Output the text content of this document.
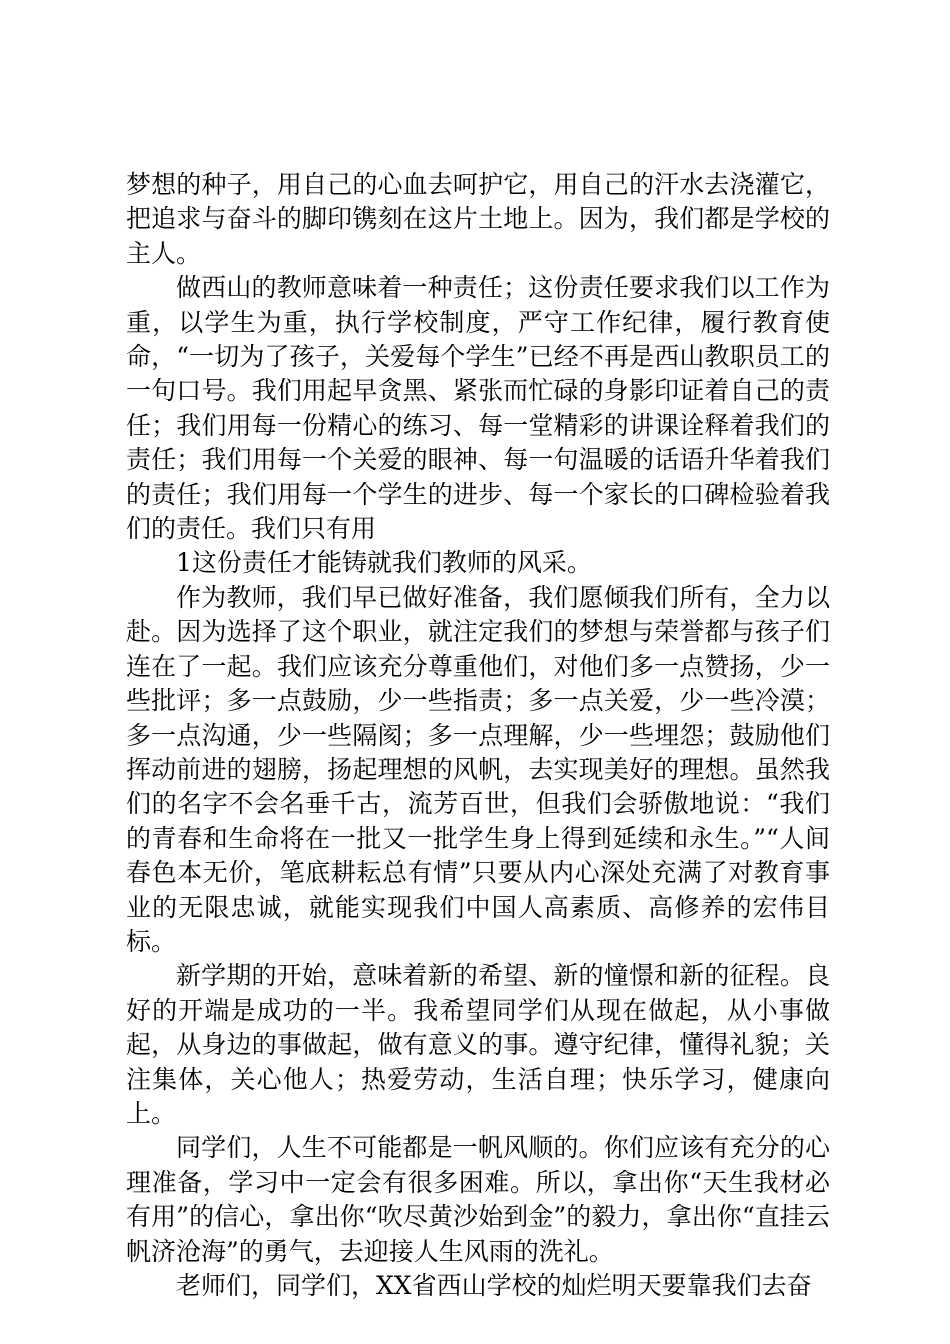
梦想的种子，用自己的心血去呵护它，用自己的汗水去浇灌它，把追求与奋斗的脚印镌刻在这片土地上。因为，我们都是学校的主人。

做西山的教师意味着一种责任；这份责任要求我们以工作为重，以学生为重，执行学校制度，严守工作纪律，履行教育使命，“一切为了孩子，关爱每个学生”已经不再是西山教职员工的一句口号。我们用起早贪黑、紧张而忙碌的身影印证着自己的责任；我们用每一份精心的练习、每一堂精彩的讲课诠释着我们的责任；我们用每一个关爱的眼神、每一句温暖的话语升华着我们的责任；我们用每一个学生的进步、每一个家长的口碑检验着我们的责任。我们只有用

1这份责任才能铸就我们教师的风采。

作为教师，我们早已做好准备，我们愿倾我们所有，全力以赴。因为选择了这个职业，就注定我们的梦想与荣誉都与孩子们连在了一起。我们应该充分尊重他们，对他们多一点赞扬，少一些批评；多一点鼓励，少一些指责；多一点关爱，少一些冷漠；多一点沟通，少一些隔阂；多一点理解，少一些埋怨；鼓励他们挥动前进的翅膀，扬起理想的风帆，去实现美好的理想。虽然我们的名字不会名垂千古，流芳百世，但我们会骄傲地说：“我们的青春和生命将在一批又一批学生身上得到延续和永生。”“人间春色本无价，笔底耕耘总有情”只要从内心深处充满了对教育事业的无限忠诚，就能实现我们中国人高素质、高修养的宏伟目标。

新学期的开始，意味着新的希望、新的憧憬和新的征程。良好的开端是成功的一半。我希望同学们从现在做起，从小事做起，从身边的事做起，做有意义的事。遵守纪律，懂得礼貌；关注集体，关心他人；热爱劳动，生活自理；快乐学习，健康向上。

同学们，人生不可能都是一帆风顺的。你们应该有充分的心理准备，学习中一定会有很多困难。所以，拿出你“天生我材必有用”的信心，拿出你“吹尽黄沙始到金”的毅力，拿出你“直挂云帆济沧海”的勇气，去迎接人生风雨的洗礼。

老师们，同学们，XX省西山学校的灿烂明天要靠我们去奋
